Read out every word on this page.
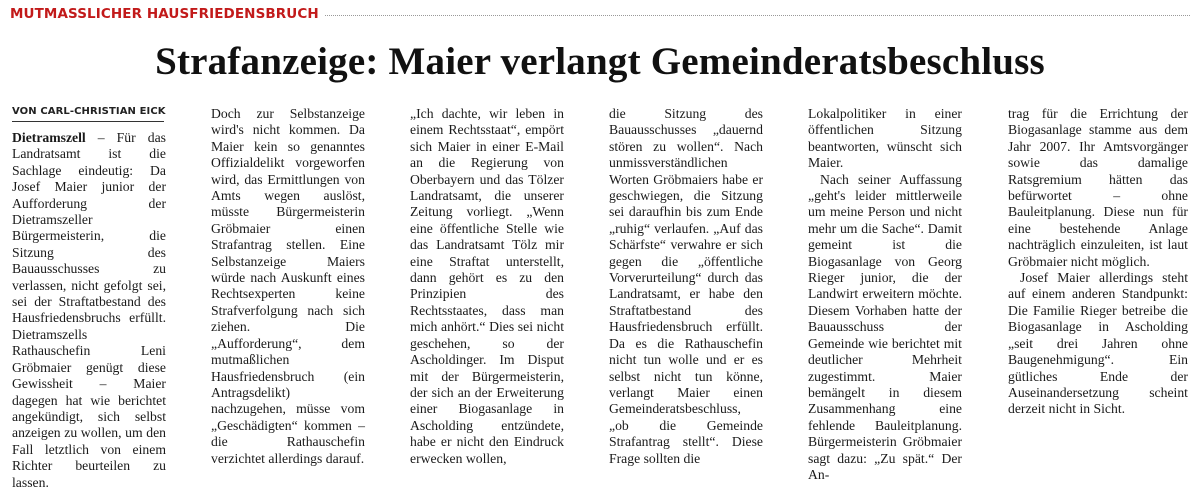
MUTMASSLICHER HAUSFRIEDENSBRUCH
Strafanzeige: Maier verlangt Gemeinderatsbeschluss
VON CARL-CHRISTIAN EICK

Dietramszell – Für das Landratsamt ist die Sachlage eindeutig: Da Josef Maier junior der Aufforderung der Dietramszeller Bürgermeisterin, die Sitzung des Bauausschusses zu verlassen, nicht gefolgt sei, sei der Straftatbestand des Hausfriedensbruchs erfüllt. Dietramszells Rathauschefin Leni Gröbmaier genügt diese Gewissheit – Maier dagegen hat wie berichtet angekündigt, sich selbst anzeigen zu wollen, um den Fall letztlich von einem Richter beurteilen zu lassen.

Doch zur Selbstanzeige wird's nicht kommen. Da Maier kein so genanntes Offizialdelikt vorgeworfen wird, das Ermittlungen von Amts wegen auslöst, müsste Bürgermeisterin Gröbmaier einen Strafantrag stellen. Eine Selbstanzeige Maiers würde nach Auskunft eines Rechtsexperten keine Strafverfolgung nach sich ziehen. Die „Aufforderung“, dem mutmaßlichen Hausfriedensbruch (ein Antragsdelikt) nachzugehen, müsse vom „Geschädigten“ kommen – die Rathauschefin verzichtet allerdings darauf.

„Ich dachte, wir leben in einem Rechtsstaat“, empört sich Maier in einer E-Mail an die Regierung von Oberbayern und das Tölzer Landratsamt, die unserer Zeitung vorliegt. „Wenn eine öffentliche Stelle wie das Landratsamt Tölz mir eine Straftat unterstellt, dann gehört es zu den Prinzipien des Rechtsstaates, dass man mich anhört.“ Dies sei nicht geschehen, so der Ascholdinger. Im Disput mit der Bürgermeisterin, der sich an der Erweiterung einer Biogasanlage in Ascholding entzündete, habe er nicht den Eindruck erwecken wollen,

die Sitzung des Bauausschusses „dauernd stören zu wollen“. Nach unmissverständlichen Worten Gröbmaiers habe er geschwiegen, die Sitzung sei daraufhin bis zum Ende „ruhig“ verlaufen. „Auf das Schärfste“ verwahre er sich gegen die „öffentliche Vorverurteilung“ durch das Landratsamt, er habe den Straftatbestand des Hausfriedensbruch erfüllt. Da es die Rathauschefin nicht tun wolle und er es selbst nicht tun könne, verlangt Maier einen Gemeinderatsbeschluss, „ob die Gemeinde Strafantrag stellt“. Diese Frage sollten die

Lokalpolitiker in einer öffentlichen Sitzung beantworten, wünscht sich Maier.

Nach seiner Auffassung „geht's leider mittlerweile um meine Person und nicht mehr um die Sache“. Damit gemeint ist die Biogasanlage von Georg Rieger junior, die der Landwirt erweitern möchte. Diesem Vorhaben hatte der Bauausschuss der Gemeinde wie berichtet mit deutlicher Mehrheit zugestimmt. Maier bemängelt in diesem Zusammenhang eine fehlende Bauleitplanung. Bürgermeisterin Gröbmaier sagt dazu: „Zu spät.“ Der An-

trag für die Errichtung der Biogasanlage stamme aus dem Jahr 2007. Ihr Amtsvorgänger sowie das damalige Ratsgremium hätten das befürwortet – ohne Bauleitplanung. Diese nun für eine bestehende Anlage nachträglich einzuleiten, ist laut Gröbmaier nicht möglich.

Josef Maier allerdings steht auf einem anderen Standpunkt: Die Familie Rieger betreibe die Biogasanlage in Ascholding „seit drei Jahren ohne Baugenehmigung“. Ein gütliches Ende der Auseinandersetzung scheint derzeit nicht in Sicht.
